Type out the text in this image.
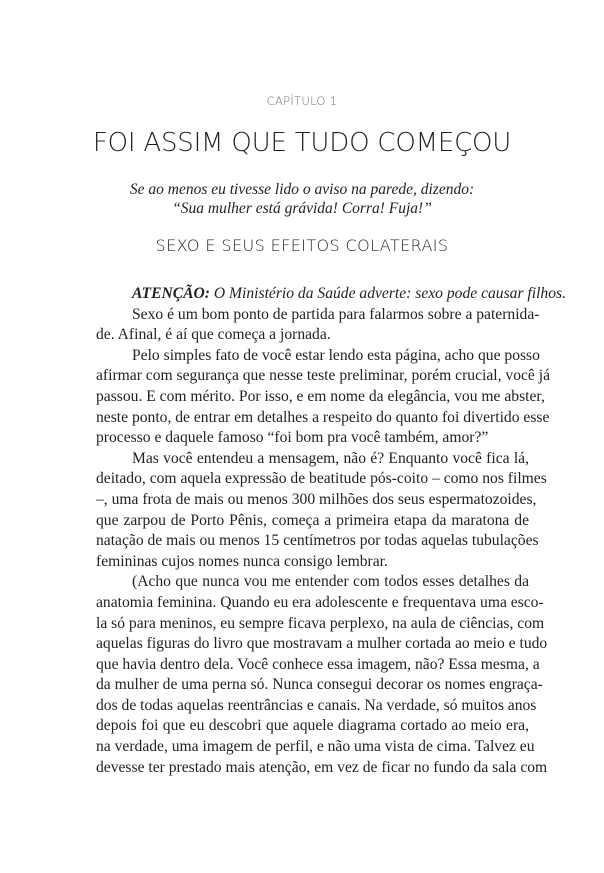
CAPÍTULO 1
FOI ASSIM QUE TUDO COMEÇOU
Se ao menos eu tivesse lido o aviso na parede, dizendo:
“Sua mulher está grávida! Corra! Fuja!”
SEXO E SEUS EFEITOS COLATERAIS
ATENÇÃO: O Ministério da Saúde adverte: sexo pode causar filhos.
Sexo é um bom ponto de partida para falarmos sobre a paternida-
de. Afinal, é aí que começa a jornada.
Pelo simples fato de você estar lendo esta página, acho que posso
afirmar com segurança que nesse teste preliminar, porém crucial, você já
passou. E com mérito. Por isso, e em nome da elegância, vou me abster,
neste ponto, de entrar em detalhes a respeito do quanto foi divertido esse
processo e daquele famoso “foi bom pra você também, amor?”
Mas você entendeu a mensagem, não é? Enquanto você fica lá,
deitado, com aquela expressão de beatitude pós-coito – como nos filmes
–, uma frota de mais ou menos 300 milhões dos seus espermatozoides,
que zarpou de Porto Pênis, começa a primeira etapa da maratona de
natação de mais ou menos 15 centímetros por todas aquelas tubulações
femininas cujos nomes nunca consigo lembrar.
(Acho que nunca vou me entender com todos esses detalhes da
anatomia feminina. Quando eu era adolescente e frequentava uma esco-
la só para meninos, eu sempre ficava perplexo, na aula de ciências, com
aquelas figuras do livro que mostravam a mulher cortada ao meio e tudo
que havia dentro dela. Você conhece essa imagem, não? Essa mesma, a
da mulher de uma perna só. Nunca consegui decorar os nomes engraça-
dos de todas aquelas reentrâncias e canais. Na verdade, só muitos anos
depois foi que eu descobri que aquele diagrama cortado ao meio era,
na verdade, uma imagem de perfil, e não uma vista de cima. Talvez eu
devesse ter prestado mais atenção, em vez de ficar no fundo da sala com
